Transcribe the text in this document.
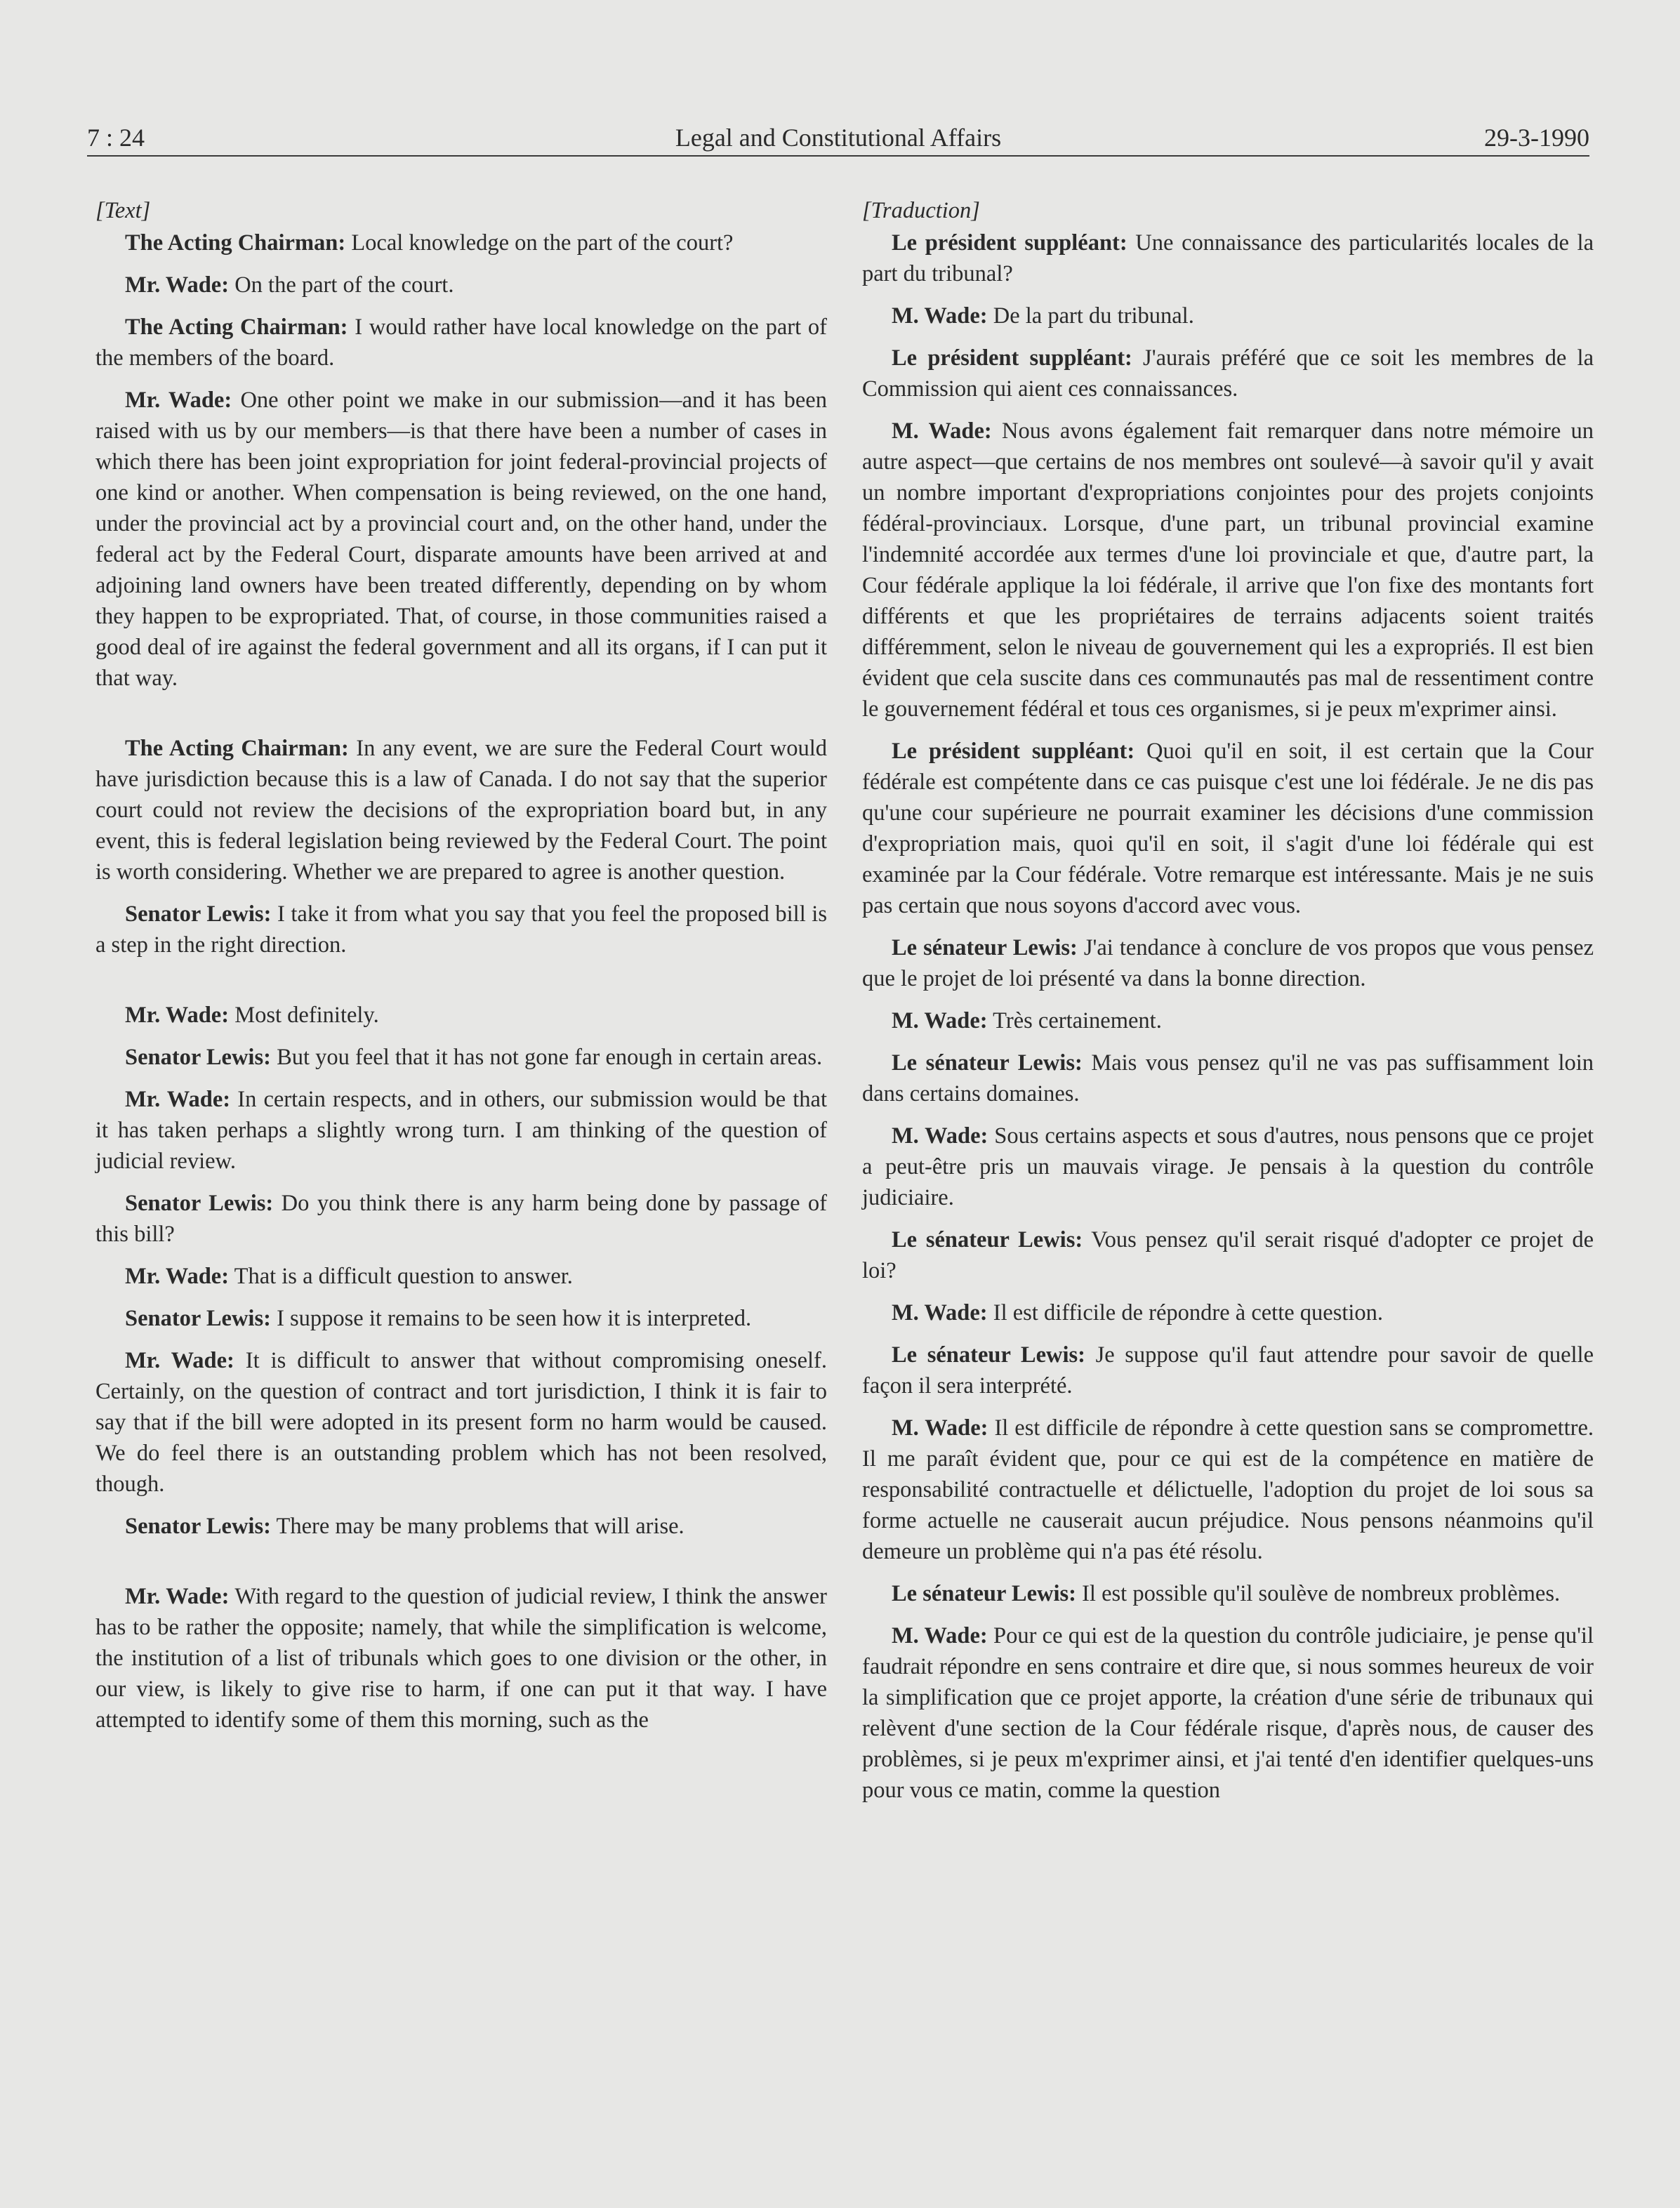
7 : 24	Legal and Constitutional Affairs	29-3-1990

[Text]

The Acting Chairman: Local knowledge on the part of the court?

Mr. Wade: On the part of the court.

The Acting Chairman: I would rather have local knowledge on the part of the members of the board.

Mr. Wade: One other point we make in our submission—and it has been raised with us by our members—is that there have been a number of cases in which there has been joint expropriation for joint federal-provincial projects of one kind or another. When compensation is being reviewed, on the one hand, under the provincial act by a provincial court and, on the other hand, under the federal act by the Federal Court, disparate amounts have been arrived at and adjoining land owners have been treated differently, depending on by whom they happen to be expropriated. That, of course, in those communities raised a good deal of ire against the federal government and all its organs, if I can put it that way.

The Acting Chairman: In any event, we are sure the Federal Court would have jurisdiction because this is a law of Canada. I do not say that the superior court could not review the decisions of the expropriation board but, in any event, this is federal legislation being reviewed by the Federal Court. The point is worth considering. Whether we are prepared to agree is another question.

Senator Lewis: I take it from what you say that you feel the proposed bill is a step in the right direction.

Mr. Wade: Most definitely.

Senator Lewis: But you feel that it has not gone far enough in certain areas.

Mr. Wade: In certain respects, and in others, our submission would be that it has taken perhaps a slightly wrong turn. I am thinking of the question of judicial review.

Senator Lewis: Do you think there is any harm being done by passage of this bill?

Mr. Wade: That is a difficult question to answer.

Senator Lewis: I suppose it remains to be seen how it is interpreted.

Mr. Wade: It is difficult to answer that without compromising oneself. Certainly, on the question of contract and tort jurisdiction, I think it is fair to say that if the bill were adopted in its present form no harm would be caused. We do feel there is an outstanding problem which has not been resolved, though.

Senator Lewis: There may be many problems that will arise.

Mr. Wade: With regard to the question of judicial review, I think the answer has to be rather the opposite; namely, that while the simplification is welcome, the institution of a list of tribunals which goes to one division or the other, in our view, is likely to give rise to harm, if one can put it that way. I have attempted to identify some of them this morning, such as the

[Traduction]

Le président suppléant: Une connaissance des particularités locales de la part du tribunal?

M. Wade: De la part du tribunal.

Le président suppléant: J'aurais préféré que ce soit les membres de la Commission qui aient ces connaissances.

M. Wade: Nous avons également fait remarquer dans notre mémoire un autre aspect—que certains de nos membres ont soulevé—à savoir qu'il y avait un nombre important d'expropriations conjointes pour des projets conjoints fédéral-provinciaux. Lorsque, d'une part, un tribunal provincial examine l'indemnité accordée aux termes d'une loi provinciale et que, d'autre part, la Cour fédérale applique la loi fédérale, il arrive que l'on fixe des montants fort différents et que les propriétaires de terrains adjacents soient traités différemment, selon le niveau de gouvernement qui les a expropriés. Il est bien évident que cela suscite dans ces communautés pas mal de ressentiment contre le gouvernement fédéral et tous ces organismes, si je peux m'exprimer ainsi.

Le président suppléant: Quoi qu'il en soit, il est certain que la Cour fédérale est compétente dans ce cas puisque c'est une loi fédérale. Je ne dis pas qu'une cour supérieure ne pourrait examiner les décisions d'une commission d'expropriation mais, quoi qu'il en soit, il s'agit d'une loi fédérale qui est examinée par la Cour fédérale. Votre remarque est intéressante. Mais je ne suis pas certain que nous soyons d'accord avec vous.

Le sénateur Lewis: J'ai tendance à conclure de vos propos que vous pensez que le projet de loi présenté va dans la bonne direction.

M. Wade: Très certainement.

Le sénateur Lewis: Mais vous pensez qu'il ne vas pas suffisamment loin dans certains domaines.

M. Wade: Sous certains aspects et sous d'autres, nous pensons que ce projet a peut-être pris un mauvais virage. Je pensais à la question du contrôle judiciaire.

Le sénateur Lewis: Vous pensez qu'il serait risqué d'adopter ce projet de loi?

M. Wade: Il est difficile de répondre à cette question.

Le sénateur Lewis: Je suppose qu'il faut attendre pour savoir de quelle façon il sera interprété.

M. Wade: Il est difficile de répondre à cette question sans se compromettre. Il me paraît évident que, pour ce qui est de la compétence en matière de responsabilité contractuelle et délictuelle, l'adoption du projet de loi sous sa forme actuelle ne causerait aucun préjudice. Nous pensons néanmoins qu'il demeure un problème qui n'a pas été résolu.

Le sénateur Lewis: Il est possible qu'il soulève de nombreux problèmes.

M. Wade: Pour ce qui est de la question du contrôle judiciaire, je pense qu'il faudrait répondre en sens contraire et dire que, si nous sommes heureux de voir la simplification que ce projet apporte, la création d'une série de tribunaux qui relèvent d'une section de la Cour fédérale risque, d'après nous, de causer des problèmes, si je peux m'exprimer ainsi, et j'ai tenté d'en identifier quelques-uns pour vous ce matin, comme la question
